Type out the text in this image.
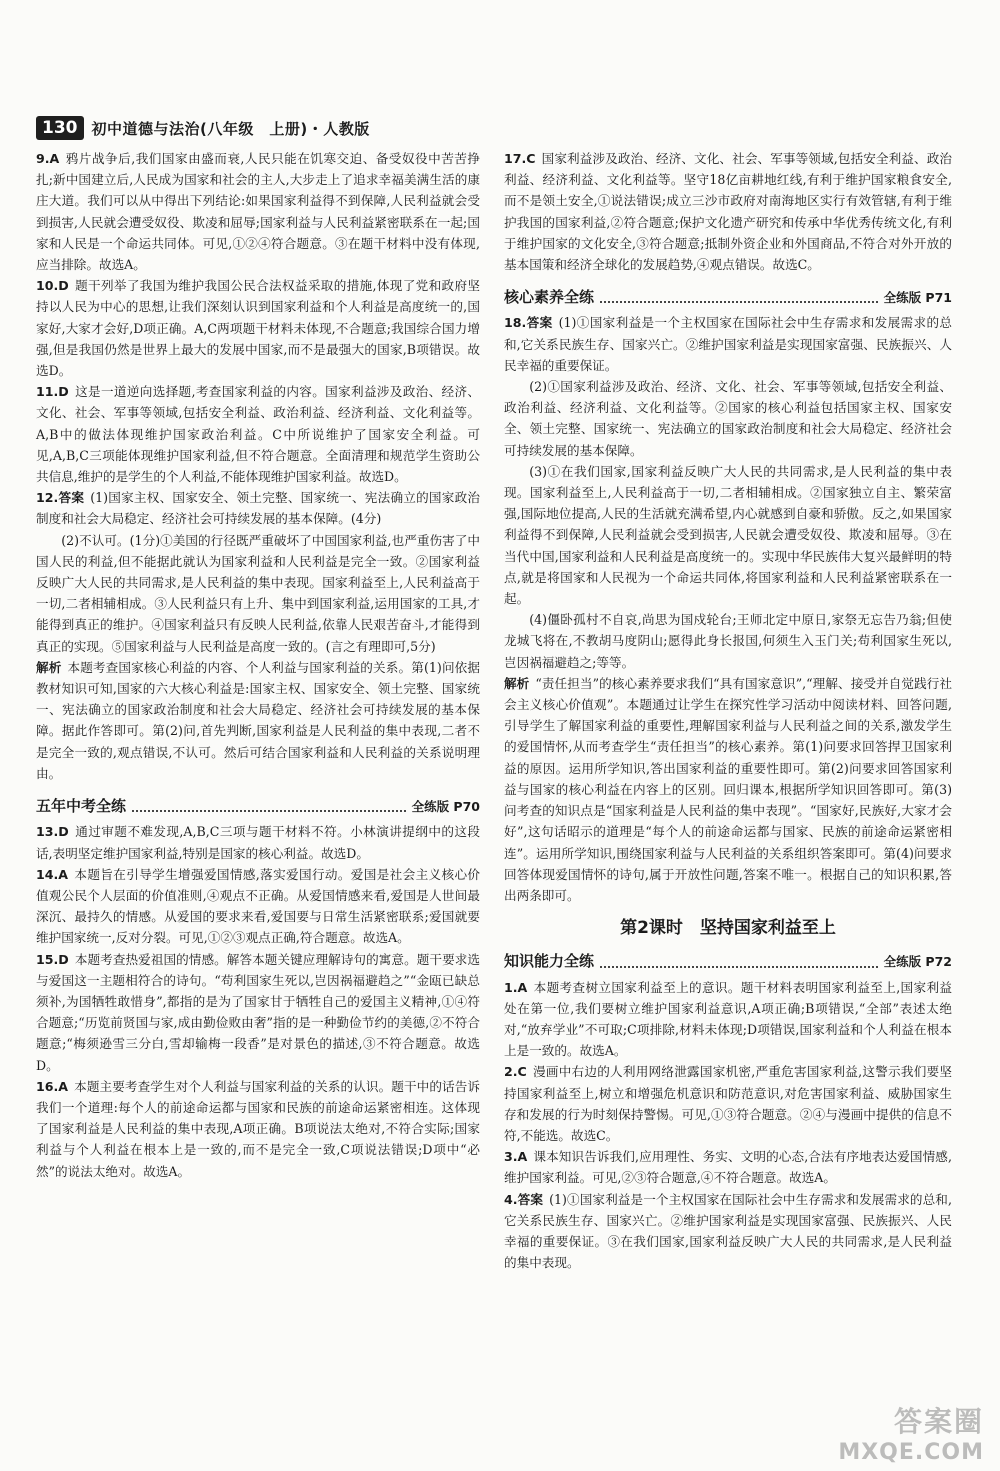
130 初中道德与法治(八年级　上册)・人教版

9.A 鸦片战争后,我们国家由盛而衰,人民只能在饥寒交迫、备受奴役中苦苦挣扎;新中国建立后,人民成为国家和社会的主人,大步走上了追求幸福美满生活的康庄大道。我们可以从中得出下列结论:如果国家利益得不到保障,人民利益就会受到损害,人民就会遭受奴役、欺凌和屈辱;国家利益与人民利益紧密联系在一起;国家和人民是一个命运共同体。可见,①②④符合题意。③在题干材料中没有体现,应当排除。故选A。

10.D 题干列举了我国为维护我国公民合法权益采取的措施,体现了党和政府坚持以人民为中心的思想,让我们深刻认识到国家利益和个人利益是高度统一的,国家好,大家才会好,D项正确。A,C两项题干材料未体现,不合题意;我国综合国力增强,但是我国仍然是世界上最大的发展中国家,而不是最强大的国家,B项错误。故选D。

11.D 这是一道逆向选择题,考查国家利益的内容。国家利益涉及政治、经济、文化、社会、军事等领域,包括安全利益、政治利益、经济利益、文化利益等。A,B中的做法体现维护国家政治利益。C中所说维护了国家安全利益。可见,A,B,C三项能体现维护国家利益,但不符合题意。全面清理和规范学生资助公共信息,维护的是学生的个人利益,不能体现维护国家利益。故选D。

12.答案 (1)国家主权、国家安全、领土完整、国家统一、宪法确立的国家政治制度和社会大局稳定、经济社会可持续发展的基本保障。(4分)

(2)不认可。(1分)①美国的行径既严重破坏了中国国家利益,也严重伤害了中国人民的利益,但不能据此就认为国家利益和人民利益是完全一致。②国家利益反映广大人民的共同需求,是人民利益的集中表现。国家利益至上,人民利益高于一切,二者相辅相成。③人民利益只有上升、集中到国家利益,运用国家的工具,才能得到真正的维护。④国家利益只有反映人民利益,依靠人民艰苦奋斗,才能得到真正的实现。⑤国家利益与人民利益是高度一致的。(言之有理即可,5分)

解析 本题考查国家核心利益的内容、个人利益与国家利益的关系。第(1)问依据教材知识可知,国家的六大核心利益是:国家主权、国家安全、领土完整、国家统一、宪法确立的国家政治制度和社会大局稳定、经济社会可持续发展的基本保障。据此作答即可。第(2)问,首先判断,国家利益是人民利益的集中表现,二者不是完全一致的,观点错误,不认可。然后可结合国家利益和人民利益的关系说明理由。

五年中考全练	全练版 P70

13.D 通过审题不难发现,A,B,C三项与题干材料不符。小林演讲提纲中的这段话,表明坚定维护国家利益,特别是国家的核心利益。故选D。

14.A 本题旨在引导学生增强爱国情感,落实爱国行动。爱国是社会主义核心价值观公民个人层面的价值准则,④观点不正确。从爱国情感来看,爱国是人世间最深沉、最持久的情感。从爱国的要求来看,爱国要与日常生活紧密联系;爱国就要维护国家统一,反对分裂。可见,①②③观点正确,符合题意。故选A。

15.D 本题考查热爱祖国的情感。解答本题关键应理解诗句的寓意。题干要求选与爱国这一主题相符合的诗句。“苟利国家生死以,岂因祸福避趋之”“金瓯已缺总须补,为国牺牲敢惜身”,都指的是为了国家甘于牺牲自己的爱国主义精神,①④符合题意;“历览前贤国与家,成由勤俭败由奢”指的是一种勤俭节约的美德,②不符合题意;“梅须逊雪三分白,雪却输梅一段香”是对景色的描述,③不符合题意。故选D。

16.A 本题主要考查学生对个人利益与国家利益的关系的认识。题干中的话告诉我们一个道理:每个人的前途命运都与国家和民族的前途命运紧密相连。这体现了国家利益是人民利益的集中表现,A项正确。B项说法太绝对,不符合实际;国家利益与个人利益在根本上是一致的,而不是完全一致,C项说法错误;D项中“必然”的说法太绝对。故选A。

17.C 国家利益涉及政治、经济、文化、社会、军事等领域,包括安全利益、政治利益、经济利益、文化利益等。坚守18亿亩耕地红线,有利于维护国家粮食安全,而不是领土安全,①说法错误;成立三沙市政府对南海地区实行有效管辖,有利于维护我国的国家利益,②符合题意;保护文化遗产研究和传承中华优秀传统文化,有利于维护国家的文化安全,③符合题意;抵制外资企业和外国商品,不符合对外开放的基本国策和经济全球化的发展趋势,④观点错误。故选C。

核心素养全练	全练版 P71

18.答案 (1)①国家利益是一个主权国家在国际社会中生存需求和发展需求的总和,它关系民族生存、国家兴亡。②维护国家利益是实现国家富强、民族振兴、人民幸福的重要保证。

(2)①国家利益涉及政治、经济、文化、社会、军事等领域,包括安全利益、政治利益、经济利益、文化利益等。②国家的核心利益包括国家主权、国家安全、领土完整、国家统一、宪法确立的国家政治制度和社会大局稳定、经济社会可持续发展的基本保障。

(3)①在我们国家,国家利益反映广大人民的共同需求,是人民利益的集中表现。国家利益至上,人民利益高于一切,二者相辅相成。②国家独立自主、繁荣富强,国际地位提高,人民的生活就充满希望,内心就感到自豪和骄傲。反之,如果国家利益得不到保障,人民利益就会受到损害,人民就会遭受奴役、欺凌和屈辱。③在当代中国,国家利益和人民利益是高度统一的。实现中华民族伟大复兴最鲜明的特点,就是将国家和人民视为一个命运共同体,将国家利益和人民利益紧密联系在一起。

(4)僵卧孤村不自哀,尚思为国戍轮台;王师北定中原日,家祭无忘告乃翁;但使龙城飞将在,不教胡马度阴山;愿得此身长报国,何须生入玉门关;苟利国家生死以,岂因祸福避趋之;等等。

解析 “责任担当”的核心素养要求我们“具有国家意识”,“理解、接受并自觉践行社会主义核心价值观”。本题通过让学生在探究性学习活动中阅读材料、回答问题,引导学生了解国家利益的重要性,理解国家利益与人民利益之间的关系,激发学生的爱国情怀,从而考查学生“责任担当”的核心素养。第(1)问要求回答捍卫国家利益的原因。运用所学知识,答出国家利益的重要性即可。第(2)问要求回答国家利益与国家的核心利益在内容上的区别。回归课本,根据所学知识回答即可。第(3)问考查的知识点是“国家利益是人民利益的集中表现”。“国家好,民族好,大家才会好”,这句话昭示的道理是“每个人的前途命运都与国家、民族的前途命运紧密相连”。运用所学知识,围绕国家利益与人民利益的关系组织答案即可。第(4)问要求回答体现爱国情怀的诗句,属于开放性问题,答案不唯一。根据自己的知识积累,答出两条即可。

第2课时　坚持国家利益至上
知识能力全练	全练版 P72

1.A 本题考查树立国家利益至上的意识。题干材料表明国家利益至上,国家利益处在第一位,我们要树立维护国家利益意识,A项正确;B项错误,“全部”表述太绝对,“放弃学业”不可取;C项排除,材料未体现;D项错误,国家利益和个人利益在根本上是一致的。故选A。

2.C 漫画中右边的人利用网络泄露国家机密,严重危害国家利益,这警示我们要坚持国家利益至上,树立和增强危机意识和防范意识,对危害国家利益、威胁国家生存和发展的行为时刻保持警惕。可见,①③符合题意。②④与漫画中提供的信息不符,不能选。故选C。

3.A 课本知识告诉我们,应用理性、务实、文明的心态,合法有序地表达爱国情感,维护国家利益。可见,②③符合题意,④不符合题意。故选A。

4.答案 (1)①国家利益是一个主权国家在国际社会中生存需求和发展需求的总和,它关系民族生存、国家兴亡。②维护国家利益是实现国家富强、民族振兴、人民幸福的重要保证。③在我们国家,国家利益反映广大人民的共同需求,是人民利益的集中表现。

答案圈
MXQE.COM
